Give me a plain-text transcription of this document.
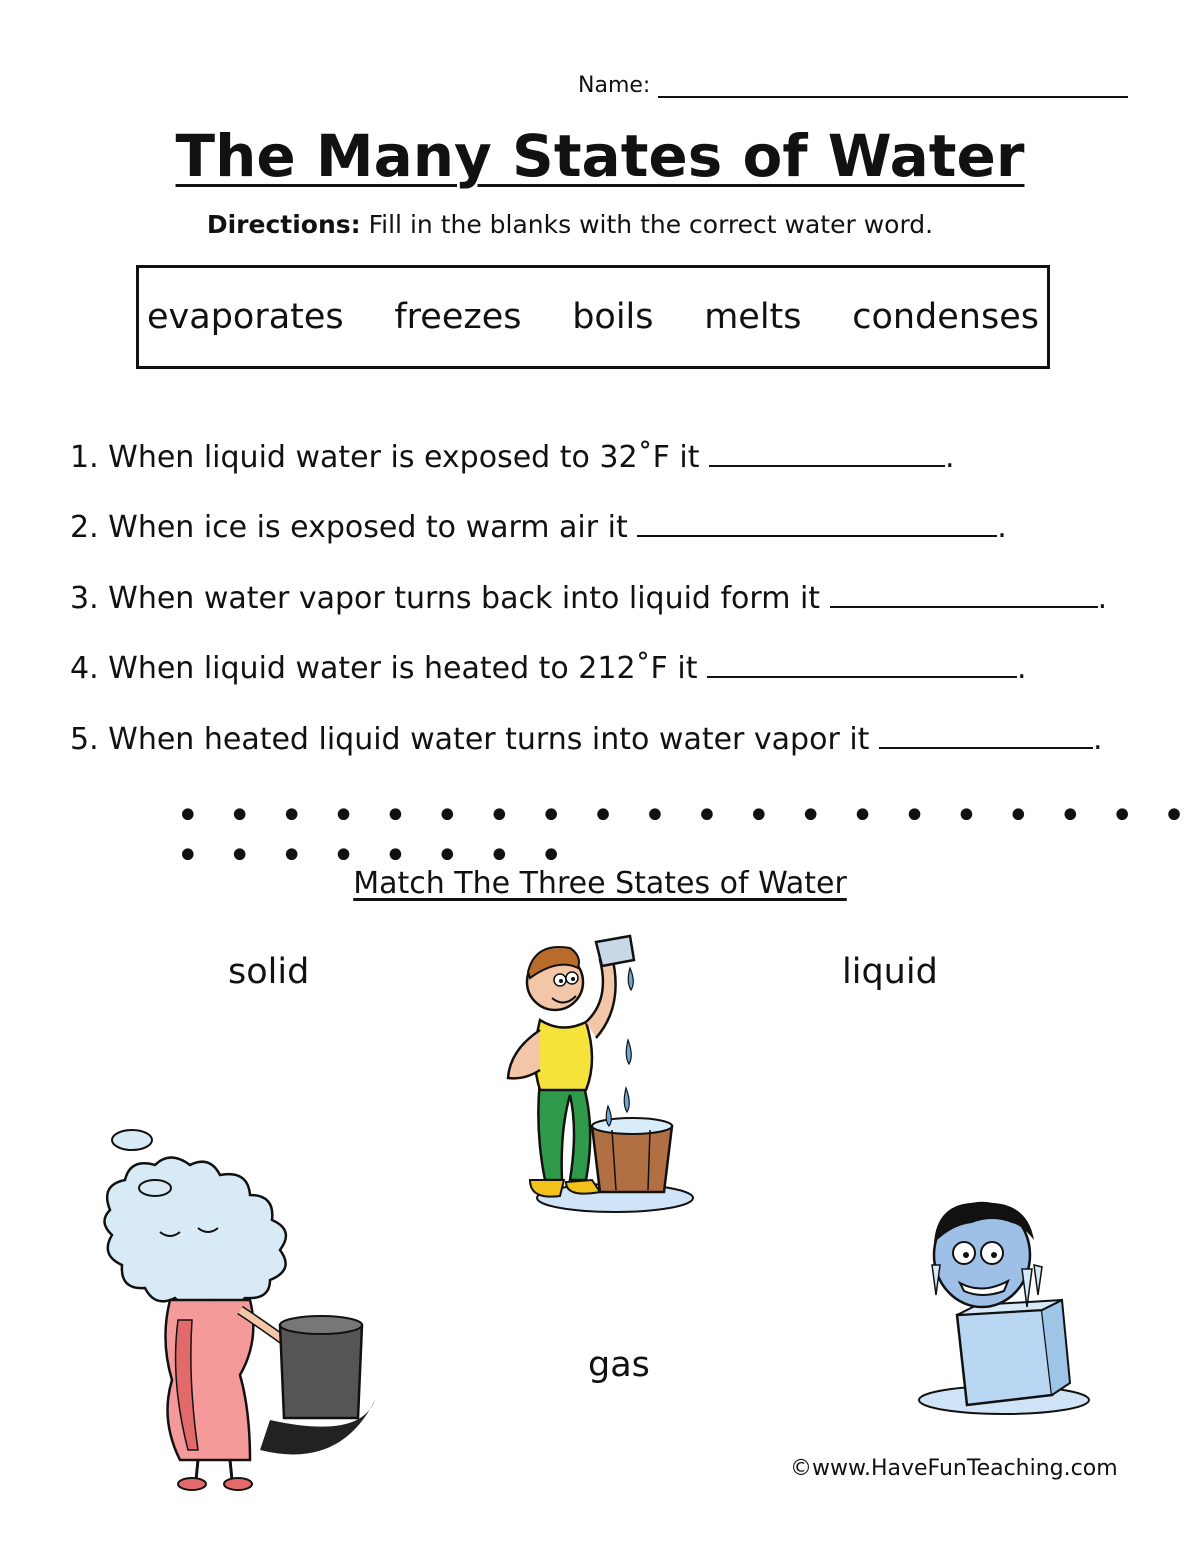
Name:
The Many States of Water
Directions: Fill in the blanks with the correct water word.
evaporates freezes boils melts condenses
1. When liquid water is exposed to 32˚F it	.
2. When ice is exposed to warm air it	.
3. When water vapor turns back into liquid form it	.
4. When liquid water is heated to 212˚F it	.
5. When heated liquid water turns into water vapor it	.
• • • • • • • • • • • • • • • • • • • • • • • • • • • •
Match The Three States of Water
solid	liquid
gas
©www.HaveFunTeaching.com
